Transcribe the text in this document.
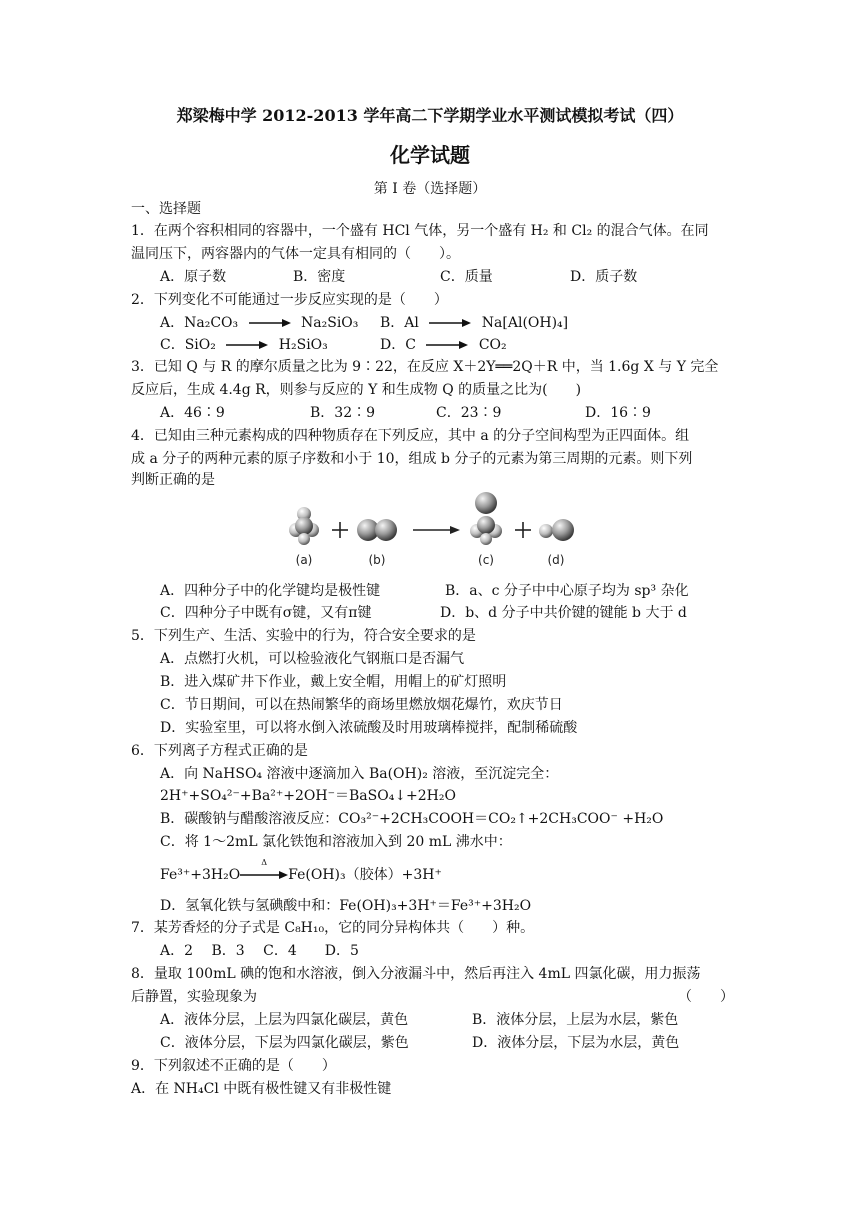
郑梁梅中学 2012-2013 学年高二下学期学业水平测试模拟考试（四）
化学试题
第 I 卷（选择题）
一、选择题
1．在两个容积相同的容器中，一个盛有 HCl 气体，另一个盛有 H₂ 和 Cl₂ 的混合气体。在同
温同压下，两容器内的气体一定具有相同的（　　）。
A．原子数	B．密度	C．质量	D．质子数
2．下列变化不可能通过一步反应实现的是（　　）
A．Na₂CO₃ → Na₂SiO₃ B．Al → Na[Al(OH)₄]
C．SiO₂ → H₂SiO₃	D．C → CO₂
3．已知 Q 与 R 的摩尔质量之比为 9∶22，在反应 X＋2Y══2Q＋R 中，当 1.6g X 与 Y 完全
反应后，生成 4.4g R，则参与反应的 Y 和生成物 Q 的质量之比为(　　)
A．46∶9	B．32∶9	C．23∶9	D．16∶9
4．已知由三种元素构成的四种物质存在下列反应，其中 a 的分子空间构型为正四面体。组
成 a 分子的两种元素的原子序数和小于 10，组成 b 分子的元素为第三周期的元素。则下列
判断正确的是
(a)	(b)	(c)	(d)
A．四种分子中的化学键均是极性键	B．a、c 分子中中心原子均为 sp³ 杂化
C．四种分子中既有σ键，又有π键	D．b、d 分子中共价键的键能 b 大于 d
5．下列生产、生活、实验中的行为，符合安全要求的是
A．点燃打火机，可以检验液化气钢瓶口是否漏气
B．进入煤矿井下作业，戴上安全帽，用帽上的矿灯照明
C．节日期间，可以在热闹繁华的商场里燃放烟花爆竹，欢庆节日
D．实验室里，可以将水倒入浓硫酸及时用玻璃棒搅拌，配制稀硫酸
6．下列离子方程式正确的是
A．向 NaHSO₄ 溶液中逐滴加入 Ba(OH)₂ 溶液，至沉淀完全：
2H⁺+SO₄²⁻+Ba²⁺+2OH⁻＝BaSO₄↓+2H₂O
B．碳酸钠与醋酸溶液反应：CO₃²⁻+2CH₃COOH＝CO₂↑+2CH₃COO⁻ +H₂O
C．将 1～2mL 氯化铁饱和溶液加入到 20 mL 沸水中：
Fe³⁺+3H₂O
Δ
Fe(OH)₃（胶体）+3H⁺
D．氢氧化铁与氢碘酸中和：Fe(OH)₃+3H⁺＝Fe³⁺+3H₂O
7．某芳香烃的分子式是 C₈H₁₀，它的同分异构体共（　　）种。
A．2　 B．3　 C．4　　D．5
8．量取 100mL 碘的饱和水溶液，倒入分液漏斗中，然后再注入 4mL 四氯化碳，用力振荡
后静置，实验现象为	（　　）
A．液体分层，上层为四氯化碳层，黄色	B．液体分层，上层为水层，紫色
C．液体分层，下层为四氯化碳层，紫色	D．液体分层，下层为水层，黄色
9．下列叙述不正确的是（　　）
A．在 NH₄Cl 中既有极性键又有非极性键
